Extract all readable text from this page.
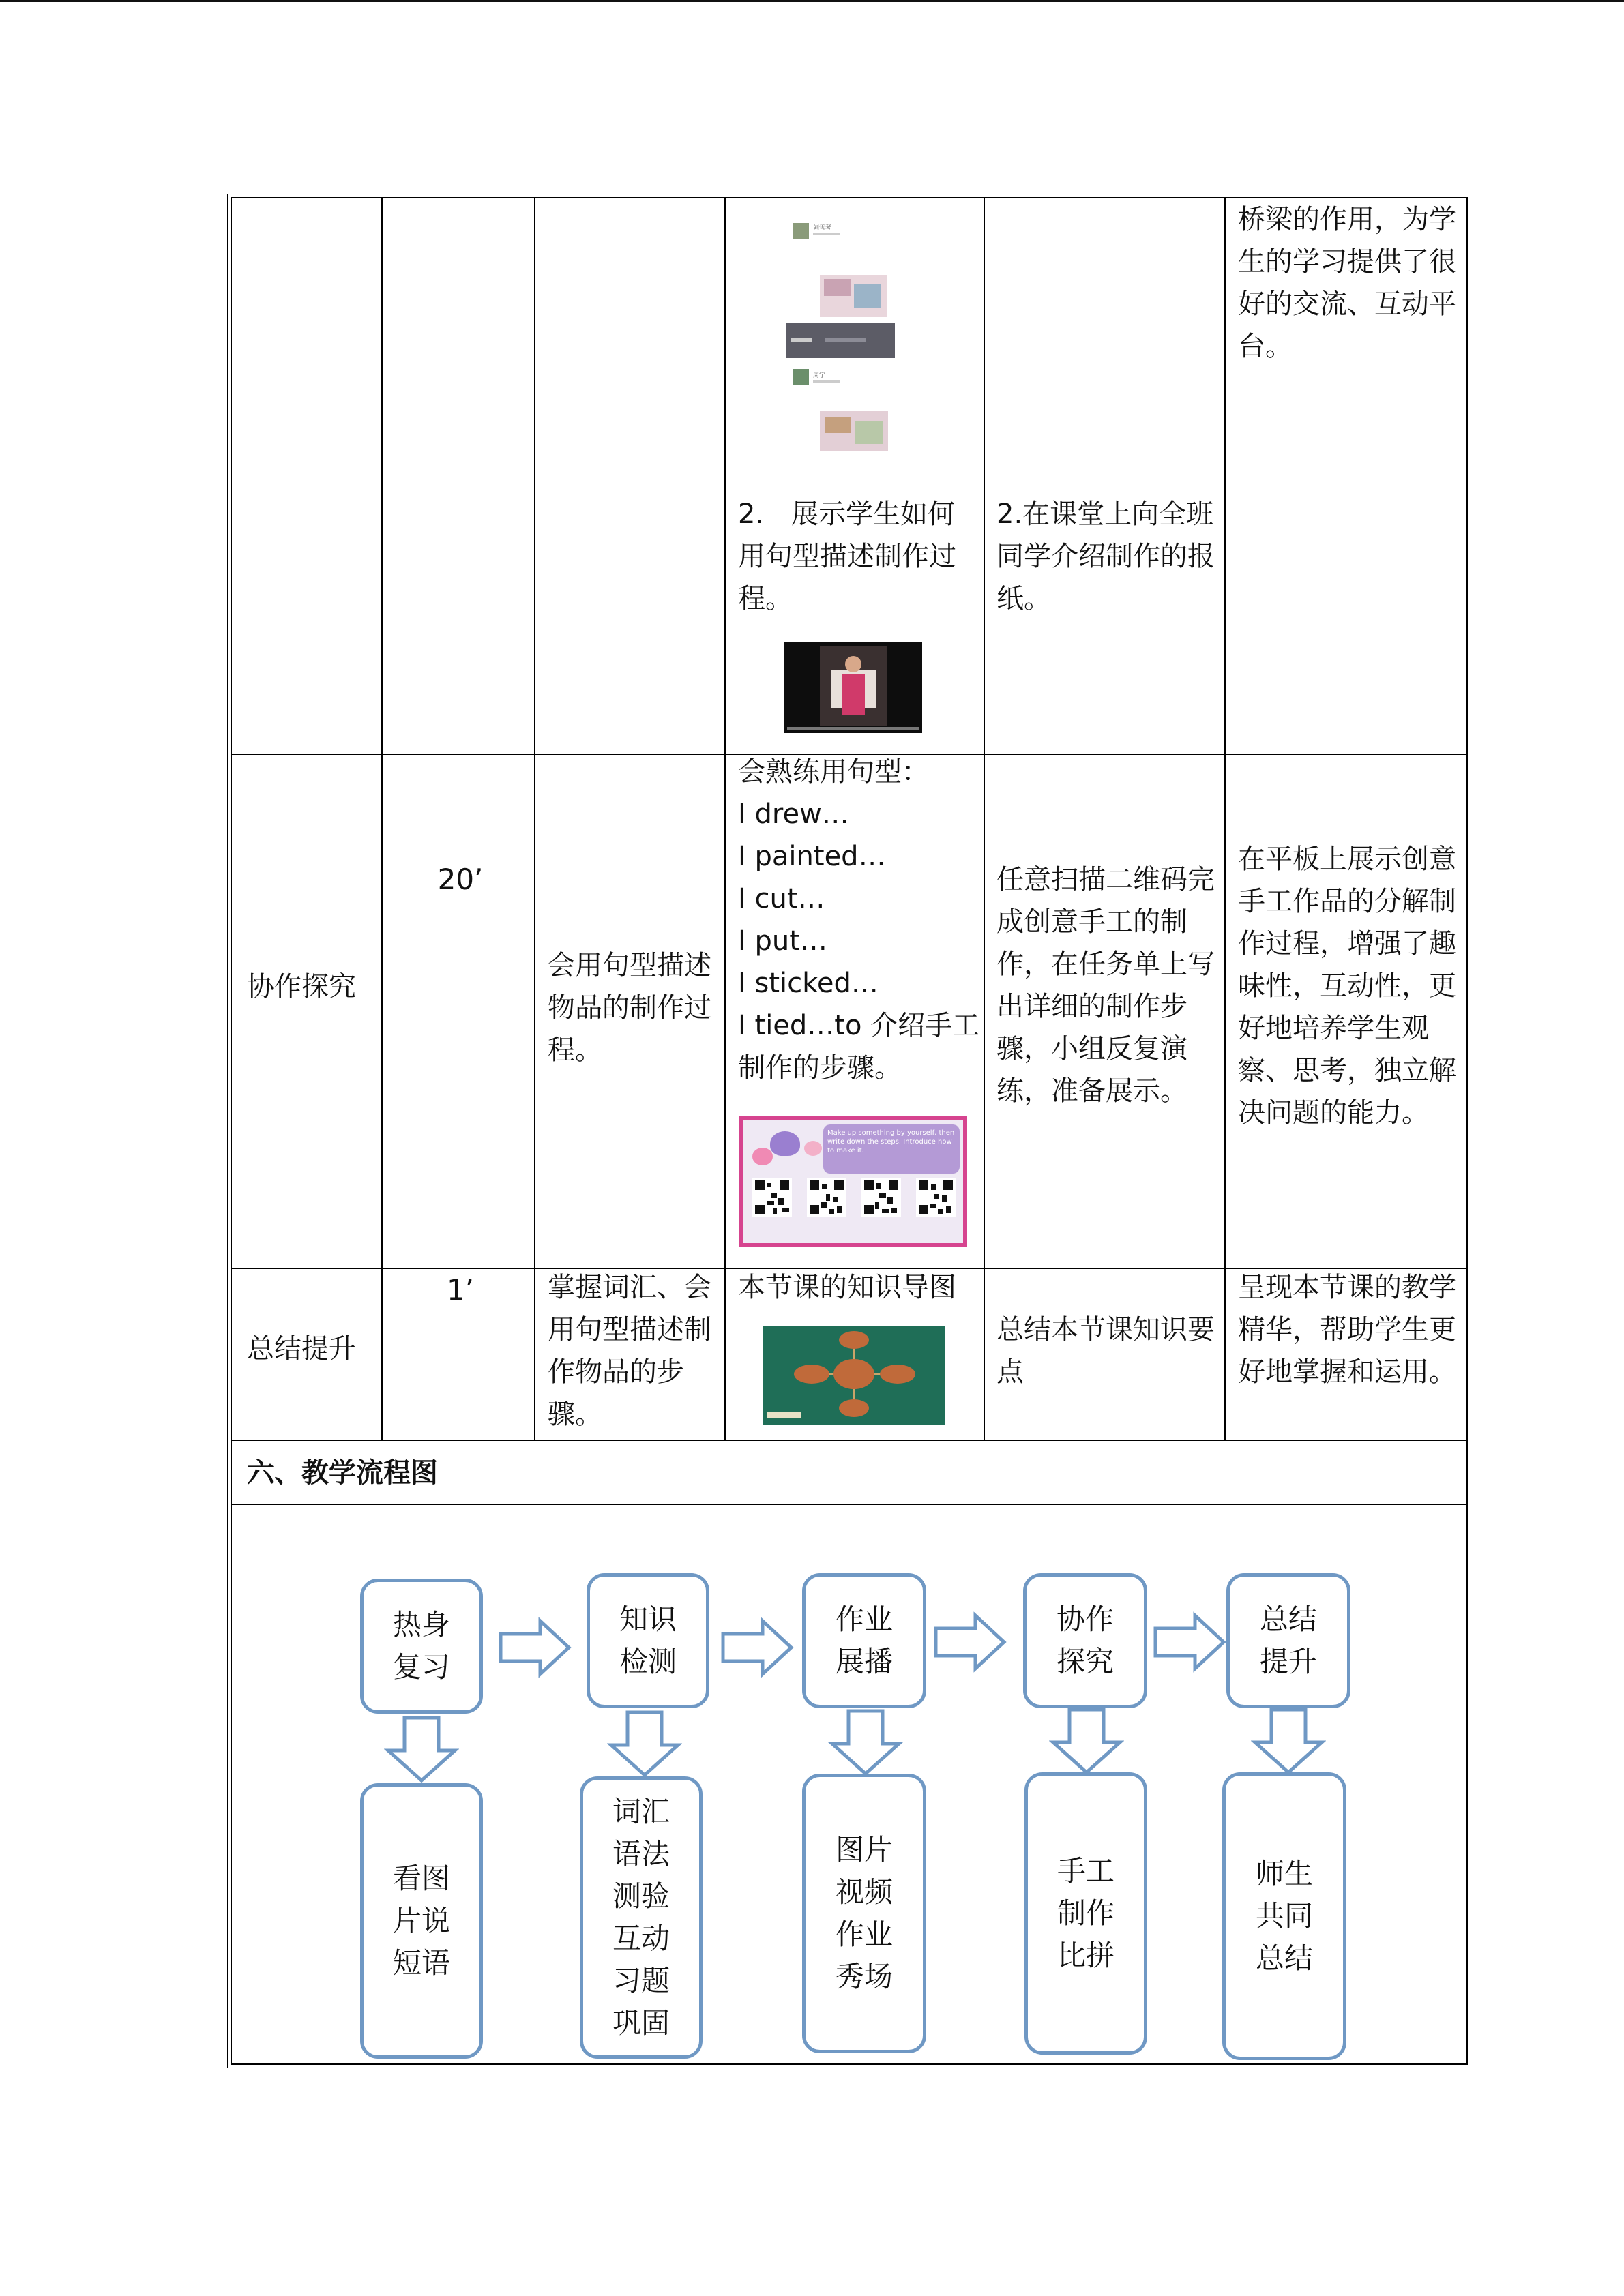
刘雪琴
周宁
2.　展示学生如何用句型描述制作过程。
2.在课堂上向全班同学介绍制作的报纸。
桥梁的作用，为学生的学习提供了很好的交流、互动平台。
协作探究
20’
会用句型描述物品的制作过程。

会熟练用句型：

I drew…

I painted…

I cut…

I put…

I sticked…

I tied…to 介绍手工制作的步骤。

Make up something by yourself, then write down the steps. Introduce how to make it.
任意扫描二维码完成创意手工的制作，在任务单上写出详细的制作步骤，小组反复演练，准备展示。
在平板上展示创意手工作品的分解制作过程，增强了趣味性，互动性，更好地培养学生观察、思考，独立解决问题的能力。
总结提升
1’	掌握词汇、会用句型描述制作物品的步骤。
本节课的知识导图
总结本节课知识要点
呈现本节课的教学精华，帮助学生更好地掌握和运用。
六、教学流程图
热身
复习
知识
检测
作业
展播
协作
探究
总结
提升
看图
片说
短语
词汇
语法
测验
互动
习题
巩固
图片
视频
作业
秀场
手工
制作
比拼
师生
共同
总结
